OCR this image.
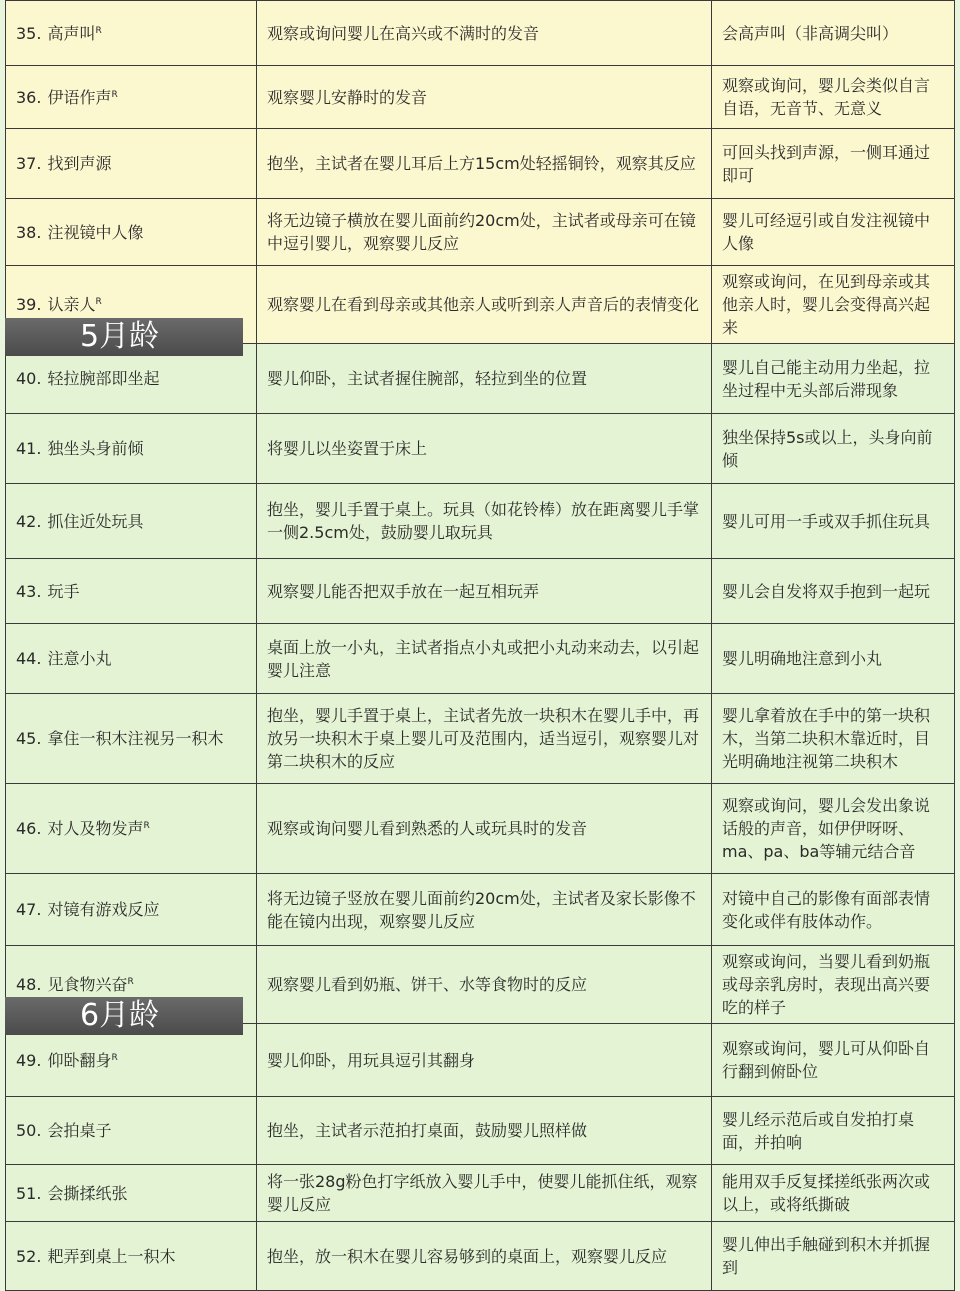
35. 高声叫$^R$	观察或询问婴儿在高兴或不满时的发音	会高声叫（非高调尖叫）
36. 伊语作声$^R$	观察婴儿安静时的发音	观察或询问，婴儿会类似自言自语，无音节、无意义
37. 找到声源	抱坐，主试者在婴儿耳后上方15cm处轻摇铜铃，观察其反应	可回头找到声源，一侧耳通过即可
38. 注视镜中人像	将无边镜子横放在婴儿面前约20cm处，主试者或母亲可在镜中逗引婴儿，观察婴儿反应	婴儿可经逗引或自发注视镜中人像
39. 认亲人$^R$	观察婴儿在看到母亲或其他亲人或听到亲人声音后的表情变化	观察或询问，在见到母亲或其他亲人时，婴儿会变得高兴起来
40. 轻拉腕部即坐起	婴儿仰卧，主试者握住腕部，轻拉到坐的位置	婴儿自己能主动用力坐起，拉坐过程中无头部后滞现象
41. 独坐头身前倾	将婴儿以坐姿置于床上	独坐保持5s或以上，头身向前倾
42. 抓住近处玩具	抱坐，婴儿手置于桌上。玩具（如花铃棒）放在距离婴儿手掌一侧2.5cm处，鼓励婴儿取玩具	婴儿可用一手或双手抓住玩具
43. 玩手	观察婴儿能否把双手放在一起互相玩弄	婴儿会自发将双手抱到一起玩
44. 注意小丸	桌面上放一小丸，主试者指点小丸或把小丸动来动去，以引起婴儿注意	婴儿明确地注意到小丸
45. 拿住一积木注视另一积木	抱坐，婴儿手置于桌上，主试者先放一块积木在婴儿手中，再放另一块积木于桌上婴儿可及范围内，适当逗引，观察婴儿对第二块积木的反应	婴儿拿着放在手中的第一块积木，当第二块积木靠近时，目光明确地注视第二块积木
46. 对人及物发声$^R$	观察或询问婴儿看到熟悉的人或玩具时的发音	观察或询问，婴儿会发出象说话般的声音，如伊伊呀呀、ma、pa、ba等辅元结合音
47. 对镜有游戏反应	将无边镜子竖放在婴儿面前约20cm处，主试者及家长影像不能在镜内出现，观察婴儿反应	对镜中自己的影像有面部表情变化或伴有肢体动作。
48. 见食物兴奋$^R$	观察婴儿看到奶瓶、饼干、水等食物时的反应	观察或询问，当婴儿看到奶瓶或母亲乳房时，表现出高兴要吃的样子
49. 仰卧翻身$^R$	婴儿仰卧，用玩具逗引其翻身	观察或询问，婴儿可从仰卧自行翻到俯卧位
50. 会拍桌子	抱坐，主试者示范拍打桌面，鼓励婴儿照样做	婴儿经示范后或自发拍打桌面，并拍响
51. 会撕揉纸张	将一张28g粉色打字纸放入婴儿手中，使婴儿能抓住纸，观察婴儿反应	能用双手反复揉搓纸张两次或以上，或将纸撕破
52. 耙弄到桌上一积木	抱坐，放一积木在婴儿容易够到的桌面上，观察婴儿反应	婴儿伸出手触碰到积木并抓握到
5月龄
6月龄
